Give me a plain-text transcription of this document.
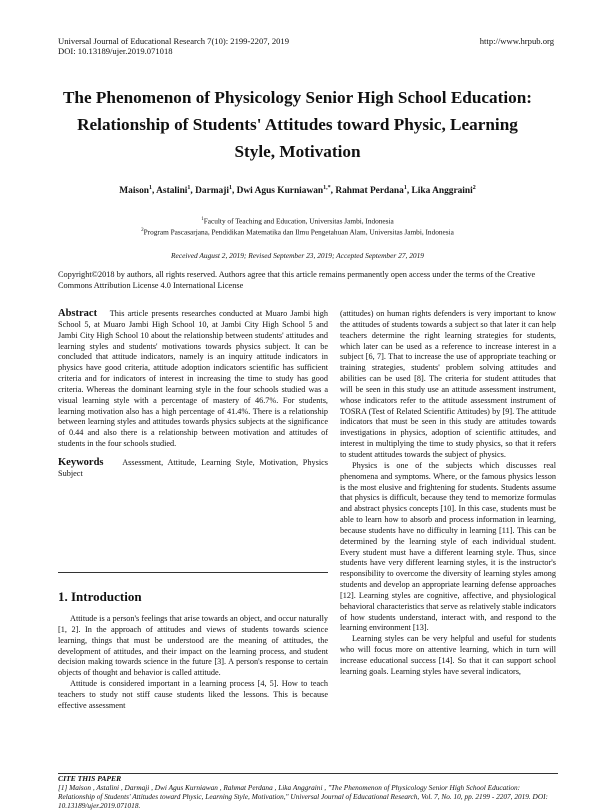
Universal Journal of Educational Research 7(10): 2199-2207, 2019
DOI: 10.13189/ujer.2019.071018
http://www.hrpub.org
The Phenomenon of Physicology Senior High School Education: Relationship of Students' Attitudes toward Physic, Learning Style, Motivation
Maison$^1$, Astalini$^1$, Darmaji$^1$, Dwi Agus Kurniawan$^{1,*}$, Rahmat Perdana$^1$, Lika Anggraini$^2$
$^1$Faculty of Teaching and Education, Universitas Jambi, Indonesia
$^2$Program Pascasarjana, Pendidikan Matematika dan Ilmu Pengetahuan Alam, Universitas Jambi, Indonesia
Received August 2, 2019; Revised September 23, 2019; Accepted September 27, 2019
Copyright©2018 by authors, all rights reserved. Authors agree that this article remains permanently open access under the terms of the Creative Commons Attribution License 4.0 International License

Abstract This article presents researches conducted at Muaro Jambi high School 5, at Muaro Jambi High School 10, at Jambi City High School 5 and Jambi City High School 10 about the relationship between students' attitudes and learning styles and students' motivations towards physics subject. It can be concluded that attitude indicators, namely is an inquiry attitude indicators in physics have good criteria, attitude adoption indicators scientific has sufficient criteria and for indicators of interest in increasing the time to study has good criteria. Whereas the dominant learning style in the four schools studied was a visual learning style with a percentage of mastery of 46.7%. For students, learning motivation also has a high percentage of 41.4%. There is a relationship between learning styles and attitudes towards physics subjects at the significance of 0.44 and also there is a relationship between motivation and attitudes of students in the four schools studied.

Keywords Assessment, Attitude, Learning Style, Motivation, Physics Subject

1. Introduction

Attitude is a person's feelings that arise towards an object, and occur naturally [1, 2]. In the approach of attitudes and views of students towards science learning, things that must be understood are the meaning of attitudes, the development of attitudes, and their impact on the learning process, and student decision making towards science in the future [3]. A person's response to certain objects of thought and behavior is called attitude.

Attitude is considered important in a learning process [4, 5]. How to teach teachers to study not stiff cause students liked the lessons. This is because effective assessment

(attitudes) on human rights defenders is very important to know the attitudes of students towards a subject so that later it can help teachers determine the right learning strategies for students, which later can be used as a reference to increase interest in a subject [6, 7]. That to increase the use of appropriate teaching or training strategies, students' problem solving attitudes and abilities can be used [8]. The criteria for student attitudes that will be seen in this study use an attitude assessment instrument, whose indicators refer to the attitude assessment instrument of TOSRA (Test of Related Scientific Attitudes) by [9]. The attitude indicators that must be seen in this study are attitudes towards investigations in physics, adoption of scientific attitudes, and interest in multiplying the time to study physics, so that it refers to student attitudes towards the subject of physics.

Physics is one of the subjects which discusses real phenomena and symptoms. Where, or the famous physics lesson is the most elusive and frightening for students. Students assume that physics is difficult, because they tend to memorize formulas and abstract physics concepts [10]. In this case, students must be able to learn how to absorb and process information in learning, because students have no difficulty in learning [11]. This can be determined by the learning style of each individual student. Every student must have a different learning style. Thus, since students have very different learning styles, it is the instructor's responsibility to overcome the diversity of learning styles among students and develop an appropriate learning defense approaches [12]. Learning styles are cognitive, affective, and physiological behavioral characteristics that serve as relatively stable indicators of how students understand, interact with, and respond to the learning environment [13].

Learning styles can be very helpful and useful for students who will focus more on attentive learning, which in turn will increase educational success [14]. So that it can support school learning goals. Learning styles have several indicators,

CITE THIS PAPER
[1] Maison , Astalini , Darmaji , Dwi Agus Kurniawan , Rahmat Perdana , Lika Anggraini , "The Phenomenon of Physicology Senior High School Education: Relationship of Students' Attitudes toward Physic, Learning Style, Motivation," Universal Journal of Educational Research, Vol. 7, No. 10, pp. 2199 - 2207, 2019. DOI: 10.13189/ujer.2019.071018.
